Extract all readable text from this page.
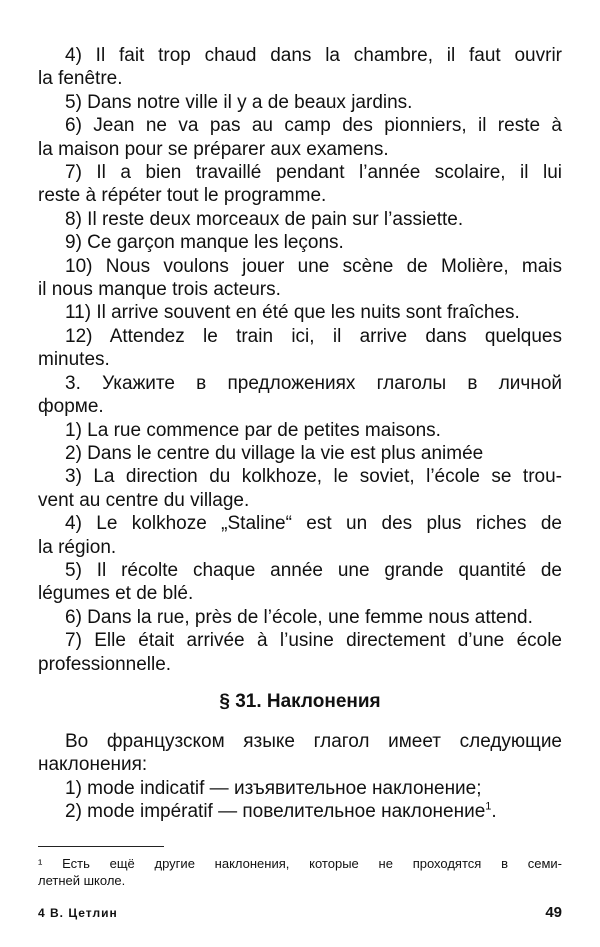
4) Il fait trop chaud dans la chambre, il faut ouvrir
la fenêtre.
5) Dans notre ville il y a de beaux jardins.
6) Jean ne va pas au camp des pionniers, il reste à
la maison pour se préparer aux examens.
7) Il a bien travaillé pendant l’année scolaire, il lui
reste à répéter tout le programme.
8) Il reste deux morceaux de pain sur l’assiette.
9) Ce garçon manque les leçons.
10) Nous voulons jouer une scène de Molière, mais
il nous manque trois acteurs.
11) Il arrive souvent en été que les nuits sont fraîches.
12) Attendez le train ici, il arrive dans quelques
minutes.
3. Укажите в предложениях глаголы в личной
форме.
1) La rue commence par de petites maisons.
2) Dans le centre du village la vie est plus animée
3) La direction du kolkhoze, le soviet, l’école se trou-
vent au centre du village.
4) Le kolkhoze „Staline“ est un des plus riches de
la région.
5) Il récolte chaque année une grande quantité de
légumes et de blé.
6) Dans la rue, près de l’école, une femme nous attend.
7) Elle était arrivée à l’usine directement d’une école
professionnelle.
§ 31. Наклонения
Во французском языке глагол имеет следующие
наклонения:
1) mode indicatif — изъявительное наклонение;
2) mode impératif — повелительное наклонение$^1$.
¹ Есть ещё другие наклонения, которые не проходятся в семи-
летней школе.
4 В. Цетлин	49
